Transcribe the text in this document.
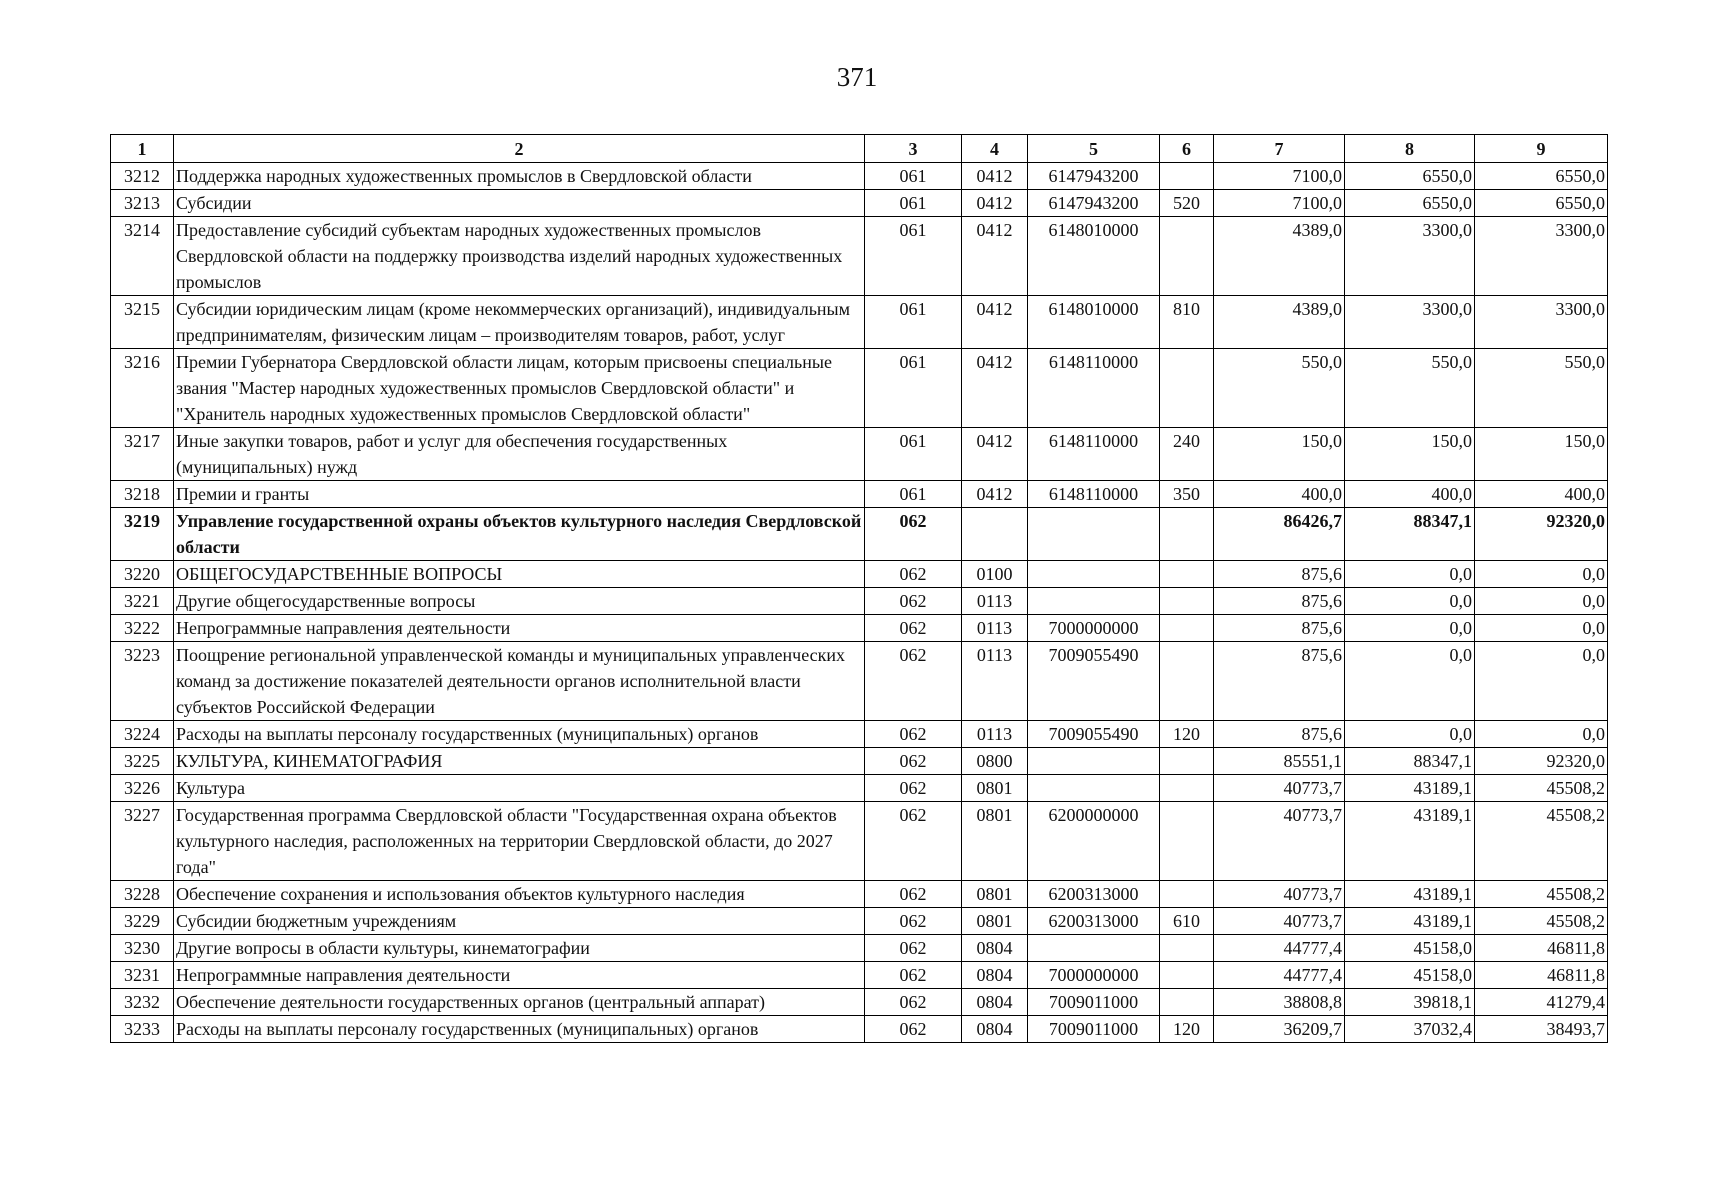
371
1	2	3	4	5	6	7	8	9
3212	Поддержка народных художественных промыслов в Свердловской области	061	0412	6147943200		7100,0	6550,0	6550,0
3213	Субсидии	061	0412	6147943200	520	7100,0	6550,0	6550,0
3214	Предоставление субсидий субъектам народных художественных промыслов Свердловской области на поддержку производства изделий народных художественных промыслов	061	0412	6148010000		4389,0	3300,0	3300,0
3215	Субсидии юридическим лицам (кроме некоммерческих организаций), индивидуальным предпринимателям, физическим лицам – производителям товаров, работ, услуг	061	0412	6148010000	810	4389,0	3300,0	3300,0
3216	Премии Губернатора Свердловской области лицам, которым присвоены специальные звания "Мастер народных художественных промыслов Свердловской области" и "Хранитель народных художественных промыслов Свердловской области"	061	0412	6148110000		550,0	550,0	550,0
3217	Иные закупки товаров, работ и услуг для обеспечения государственных (муниципальных) нужд	061	0412	6148110000	240	150,0	150,0	150,0
3218	Премии и гранты	061	0412	6148110000	350	400,0	400,0	400,0
3219	Управление государственной охраны объектов культурного наследия Свердловской области	062				86426,7	88347,1	92320,0
3220	ОБЩЕГОСУДАРСТВЕННЫЕ ВОПРОСЫ	062	0100			875,6	0,0	0,0
3221	Другие общегосударственные вопросы	062	0113			875,6	0,0	0,0
3222	Непрограммные направления деятельности	062	0113	7000000000		875,6	0,0	0,0
3223	Поощрение региональной управленческой команды и муниципальных управленческих команд за достижение показателей деятельности органов исполнительной власти субъектов Российской Федерации	062	0113	7009055490		875,6	0,0	0,0
3224	Расходы на выплаты персоналу государственных (муниципальных) органов	062	0113	7009055490	120	875,6	0,0	0,0
3225	КУЛЬТУРА, КИНЕМАТОГРАФИЯ	062	0800			85551,1	88347,1	92320,0
3226	Культура	062	0801			40773,7	43189,1	45508,2
3227	Государственная программа Свердловской области "Государственная охрана объектов культурного наследия, расположенных на территории Свердловской области, до 2027 года"	062	0801	6200000000		40773,7	43189,1	45508,2
3228	Обеспечение сохранения и использования объектов культурного наследия	062	0801	6200313000		40773,7	43189,1	45508,2
3229	Субсидии бюджетным учреждениям	062	0801	6200313000	610	40773,7	43189,1	45508,2
3230	Другие вопросы в области культуры, кинематографии	062	0804			44777,4	45158,0	46811,8
3231	Непрограммные направления деятельности	062	0804	7000000000		44777,4	45158,0	46811,8
3232	Обеспечение деятельности государственных органов (центральный аппарат)	062	0804	7009011000		38808,8	39818,1	41279,4
3233	Расходы на выплаты персоналу государственных (муниципальных) органов	062	0804	7009011000	120	36209,7	37032,4	38493,7
